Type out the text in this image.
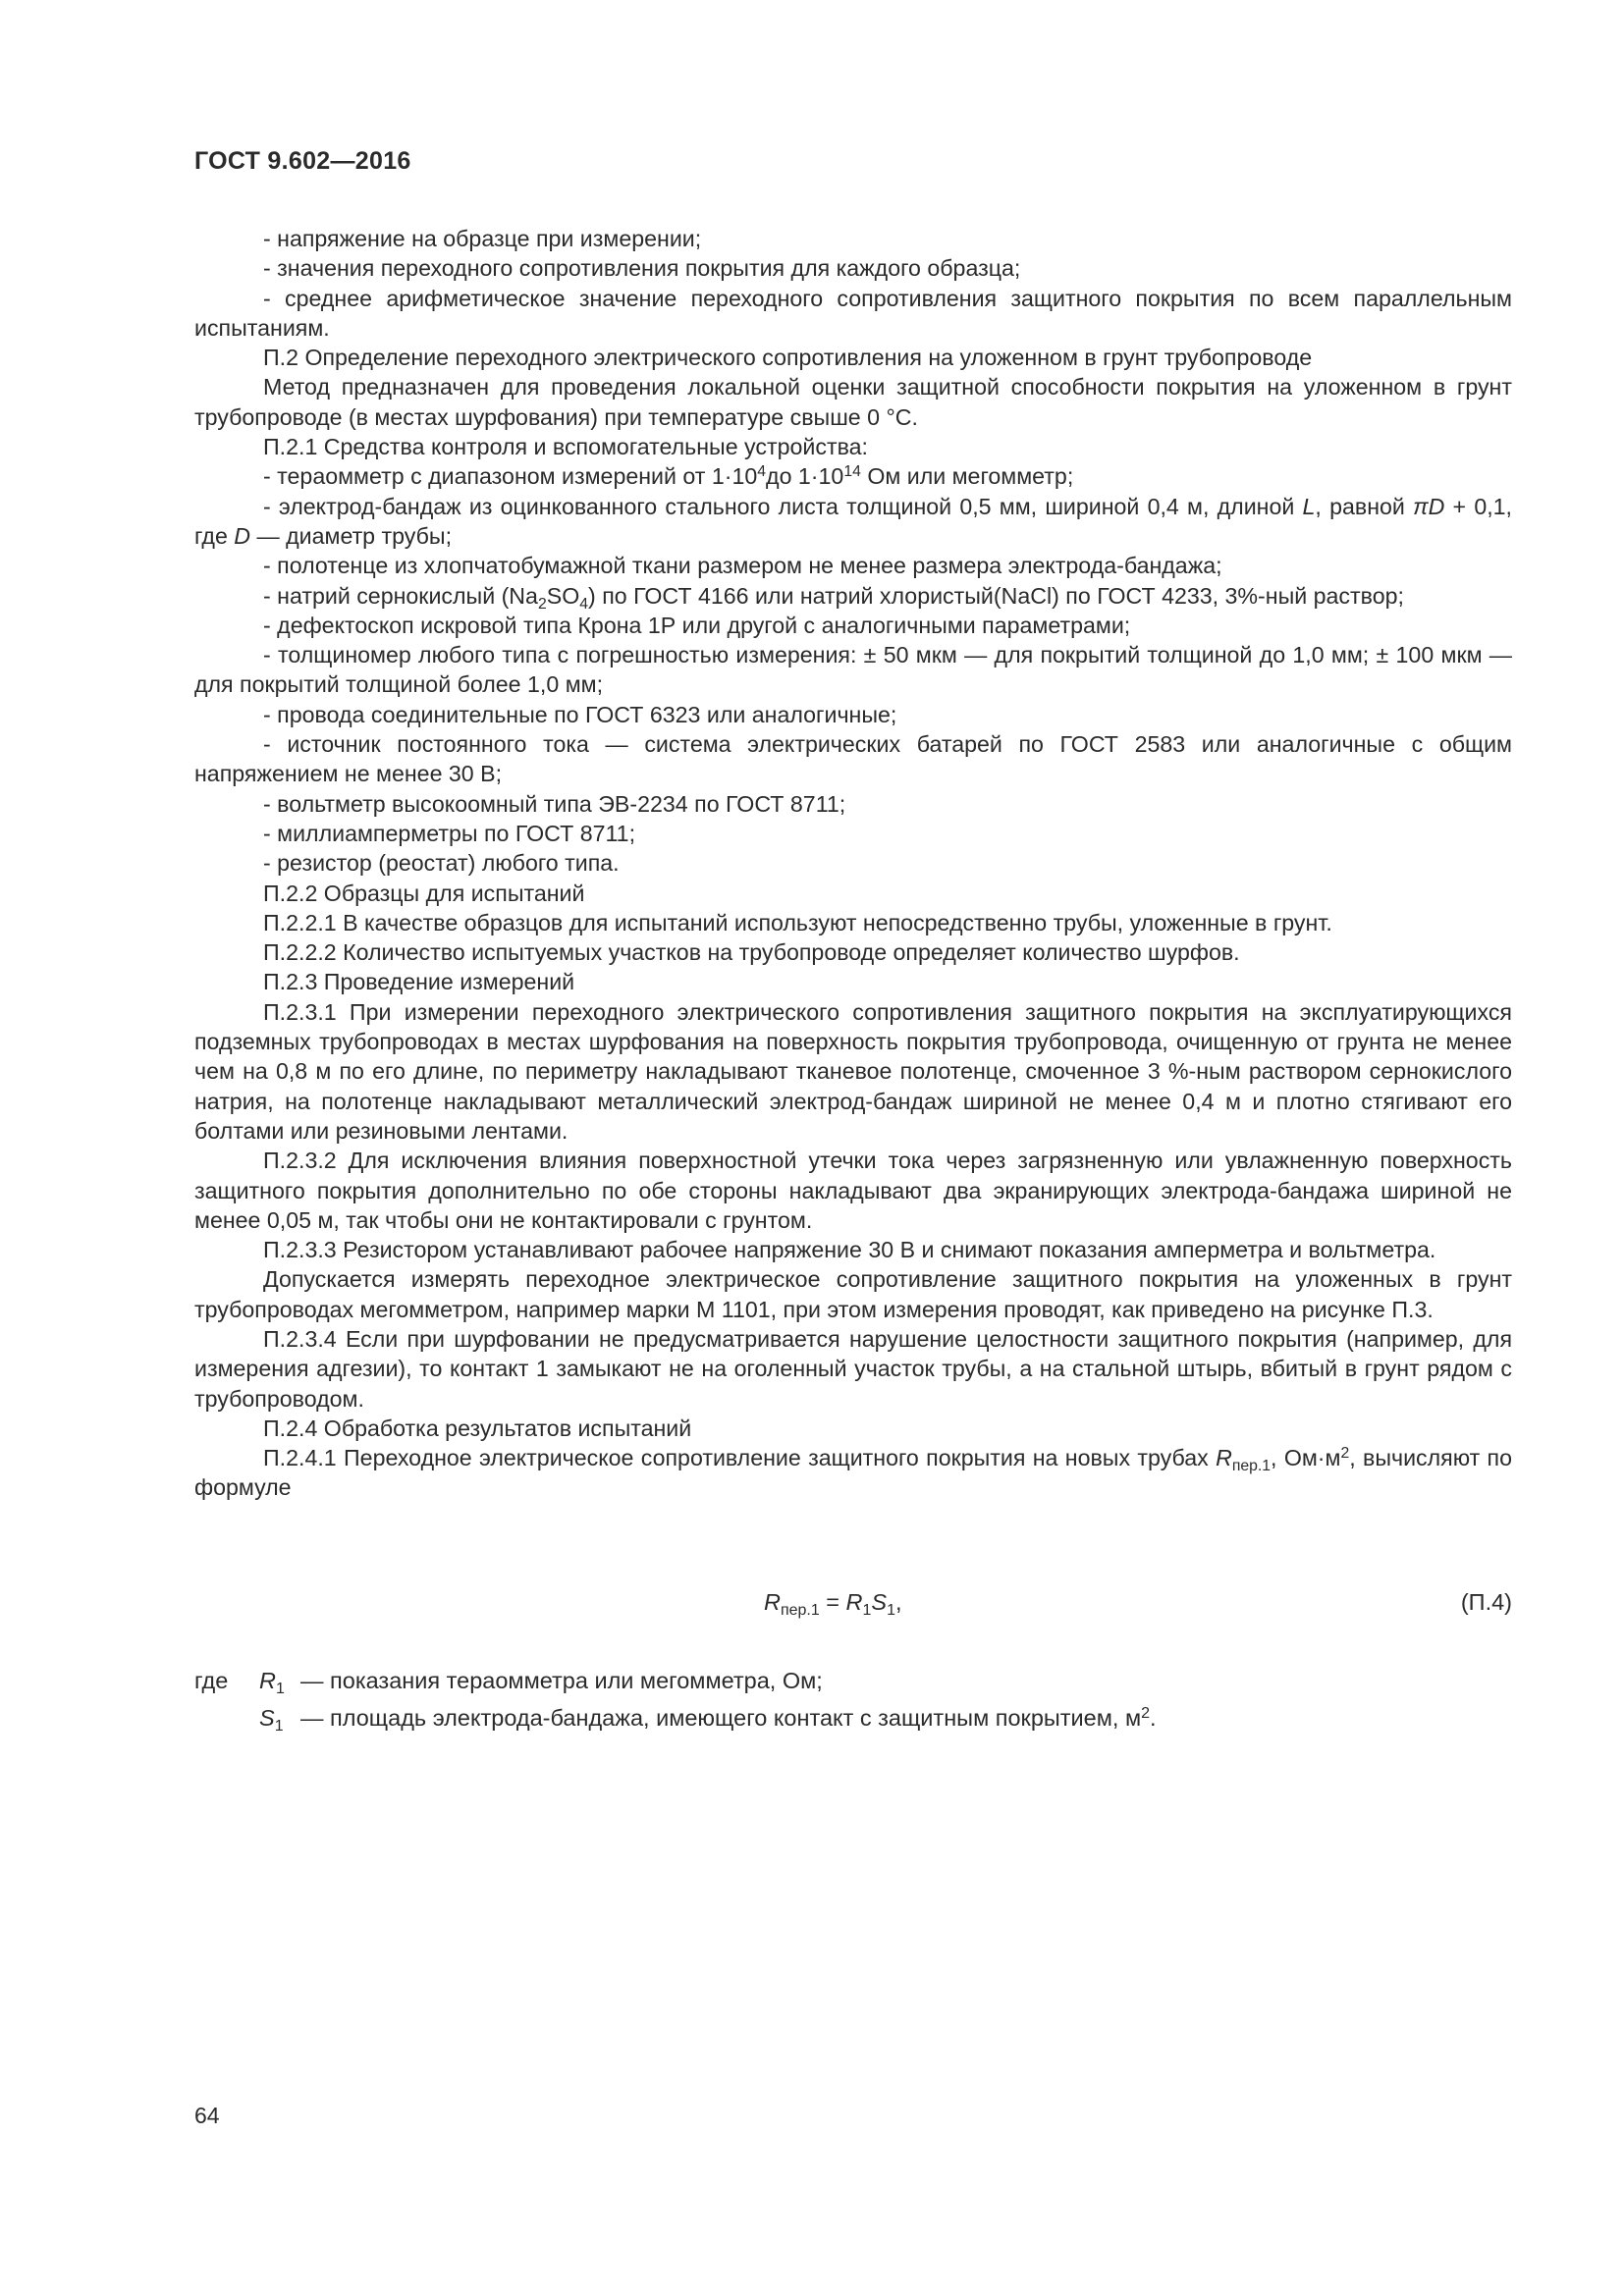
ГОСТ 9.602—2016

- напряжение на образце при измерении;

- значения переходного сопротивления покрытия для каждого образца;

- среднее арифметическое значение переходного сопротивления защитного покрытия по всем параллельным испытаниям.

П.2 Определение переходного электрического сопротивления на уложенном в грунт трубопроводе

Метод предназначен для проведения локальной оценки защитной способности покрытия на уложенном в грунт трубопроводе (в местах шурфования) при температуре свыше 0 °С.

П.2.1 Средства контроля и вспомогательные устройства:

- тераомметр с диапазоном измерений от $1\cdot 10^4до$ $1\cdot 10^{14}$ Ом или мегомметр;

- электрод-бандаж из оцинкованного стального листа толщиной 0,5 мм, шириной 0,4 м, длиной L, равной πD + 0,1, где D — диаметр трубы;

- полотенце из хлопчатобумажной ткани размером не менее размера электрода-бандажа;

- натрий сернокислый $(Na_2SO_4)$ по ГОСТ 4166 или натрий хлористый(NaCl) по ГОСТ 4233, 3%-ный раствор;

- дефектоскоп искровой типа Крона 1Р или другой с аналогичными параметрами;

- толщиномер любого типа с погрешностью измерения: ± 50 мкм — для покрытий толщиной до 1,0 мм; ± 100 мкм — для покрытий толщиной более 1,0 мм;

- провода соединительные по ГОСТ 6323 или аналогичные;

- источник постоянного тока — система электрических батарей по ГОСТ 2583 или аналогичные с общим напряжением не менее 30 В;

- вольтметр высокоомный типа ЭВ-2234 по ГОСТ 8711;

- миллиамперметры по ГОСТ 8711;

- резистор (реостат) любого типа.

П.2.2 Образцы для испытаний

П.2.2.1 В качестве образцов для испытаний используют непосредственно трубы, уложенные в грунт.

П.2.2.2 Количество испытуемых участков на трубопроводе определяет количество шурфов.

П.2.3 Проведение измерений

П.2.3.1 При измерении переходного электрического сопротивления защитного покрытия на эксплуатирующихся подземных трубопроводах в местах шурфования на поверхность покрытия трубопровода, очищенную от грунта не менее чем на 0,8 м по его длине, по периметру накладывают тканевое полотенце, смоченное 3 %-ным раствором сернокислого натрия, на полотенце накладывают металлический электрод-бандаж шириной не менее 0,4 м и плотно стягивают его болтами или резиновыми лентами.

П.2.3.2 Для исключения влияния поверхностной утечки тока через загрязненную или увлажненную поверхность защитного покрытия дополнительно по обе стороны накладывают два экранирующих электрода-бандажа шириной не менее 0,05 м, так чтобы они не контактировали с грунтом.

П.2.3.3 Резистором устанавливают рабочее напряжение 30 В и снимают показания амперметра и вольтметра.

Допускается измерять переходное электрическое сопротивление защитного покрытия на уложенных в грунт трубопроводах мегомметром, например марки М 1101, при этом измерения проводят, как приведено на рисунке П.3.

П.2.3.4 Если при шурфовании не предусматривается нарушение целостности защитного покрытия (например, для измерения адгезии), то контакт 1 замыкают не на оголенный участок трубы, а на стальной штырь, вбитый в грунт рядом с трубопроводом.

П.2.4 Обработка результатов испытаний

П.2.4.1 Переходное электрическое сопротивление защитного покрытия на новых трубах $R_{пер.1}$, $Ом\cdot м^2$, вычисляют по формуле

$R_{пер.1} = R_1S_1$,	(П.4)
где $R_1$ — показания тераомметра или мегомметра, Ом;
$S_1$ — площадь электрода-бандажа, имеющего контакт с защитным покрытием, $м^2$.
64
